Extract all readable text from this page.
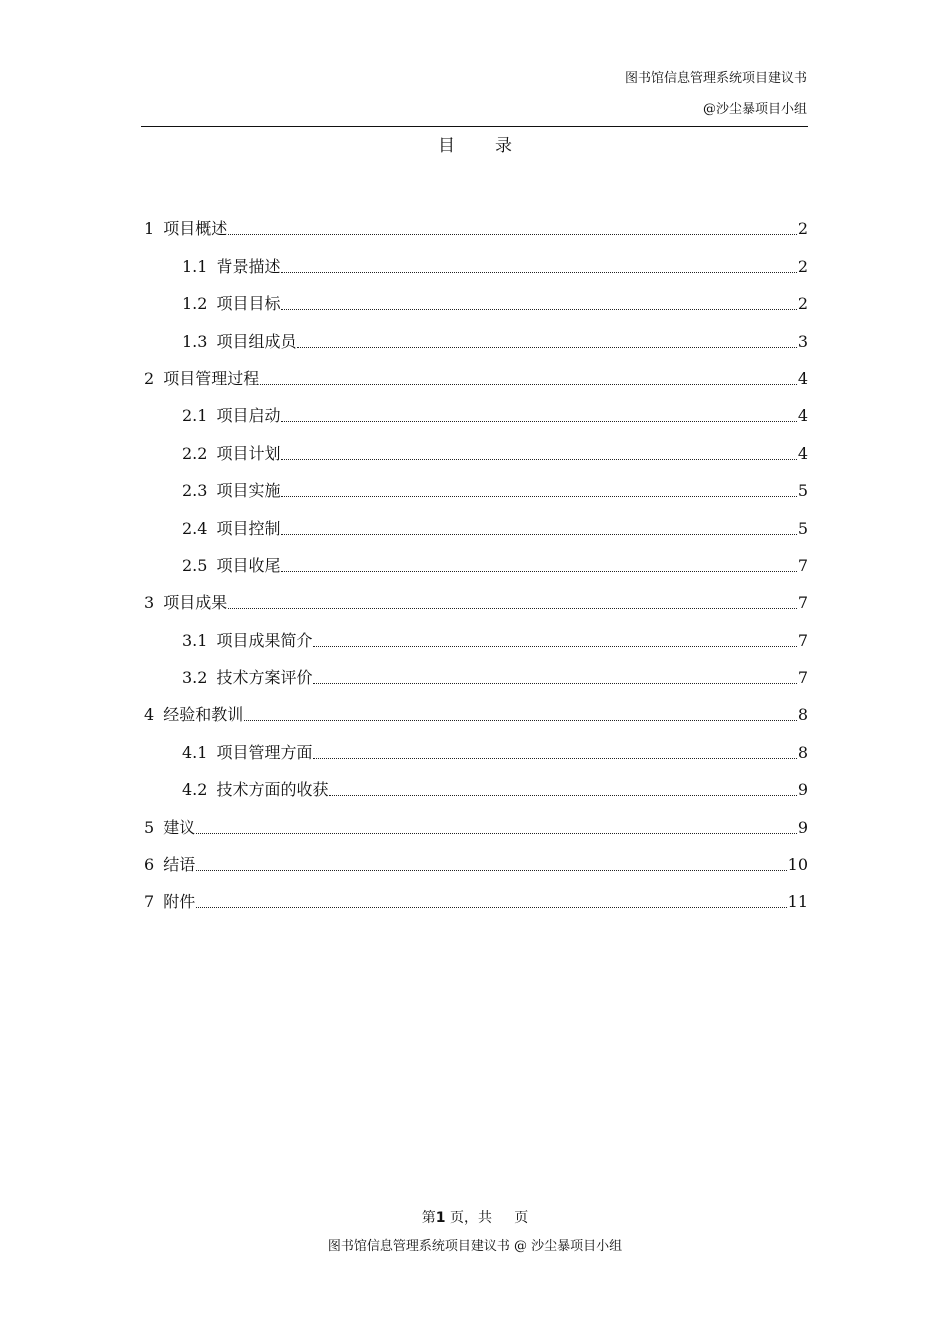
图书馆信息管理系统项目建议书
@沙尘暴项目小组
目 录
1 项目概述	2
1.1 背景描述	2
1.2 项目目标	2
1.3 项目组成员	3
2 项目管理过程	4
2.1 项目启动	4
2.2 项目计划	4
2.3 项目实施	5
2.4 项目控制	5
2.5 项目收尾	7
3 项目成果	7
3.1 项目成果简介	7
3.2 技术方案评价	7
4 经验和教训	8
4.1 项目管理方面	8
4.2 技术方面的收获	9
5 建议	9
6 结语	10
7 附件	11
第1 页，共     页
图书馆信息管理系统项目建议书 @ 沙尘暴项目小组
